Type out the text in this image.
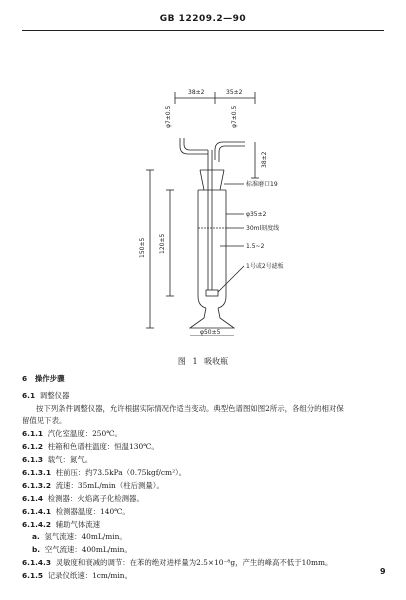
GB 12209.2—90
38±2	35±2
φ7±0.5	φ7±0.5
38±2
标准磨口19
φ35±2
30ml刻度线
1.5~2
1号或2号滤板
150±5 120±5
φ50±5
图 1 吸收瓶
6 操作步骤
6.1 调整仪器
按下列条件调整仪器，允许根据实际情况作适当变动。典型色谱图如图2所示，各组分的相对保
留值见下表。
6.1.1 汽化室温度：250℃。
6.1.2 柱箱和色谱柱温度：恒温130℃。
6.1.3 载气：氮气。
6.1.3.1 柱前压：约73.5kPa（0.75kgf/cm²）。
6.1.3.2 流速：35mL/min（柱后测量）。
6.1.4 检测器：火焰离子化检测器。
6.1.4.1 检测器温度：140℃。
6.1.4.2 辅助气体流速
a. 氢气流速：40mL/min。
b. 空气流速：400mL/min。
6.1.4.3 灵敏度和衰减的调节：在苯的绝对进样量为2.5×10⁻⁸g，产生的峰高不低于10mm。
6.1.5 记录仪纸速：1cm/min。	9
